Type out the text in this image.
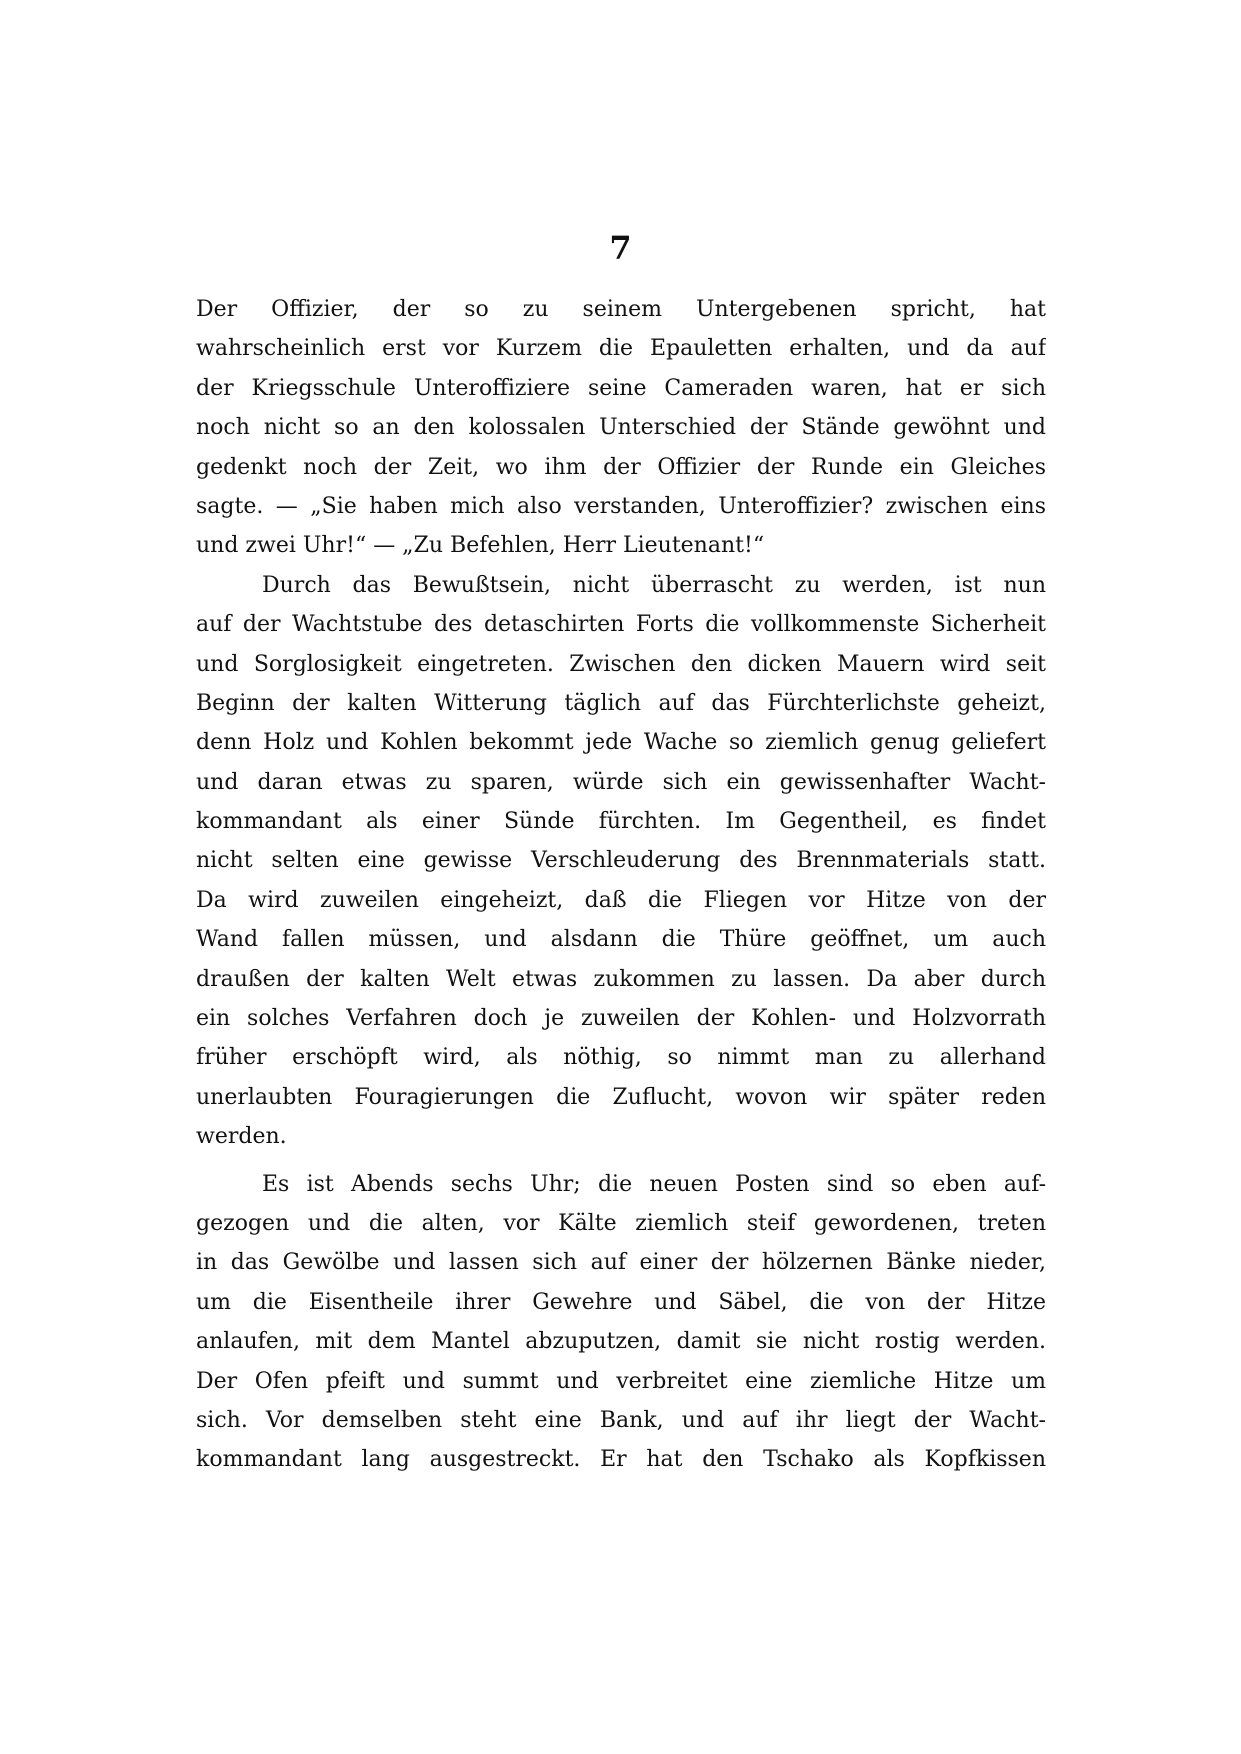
7
Der Offizier, der so zu seinem Untergebenen spricht, hat
wahrscheinlich erst vor Kurzem die Epauletten erhalten, und da auf
der Kriegsschule Unteroffiziere seine Cameraden waren, hat er sich
noch nicht so an den kolossalen Unterschied der Stände gewöhnt und
gedenkt noch der Zeit, wo ihm der Offizier der Runde ein Gleiches
sagte. — „Sie haben mich also verstanden, Unteroffizier? zwischen eins
und zwei Uhr!“ — „Zu Befehlen, Herr Lieutenant!“
Durch das Bewußtsein, nicht überrascht zu werden, ist nun
auf der Wachtstube des detaschirten Forts die vollkommenste Sicherheit
und Sorglosigkeit eingetreten. Zwischen den dicken Mauern wird seit
Beginn der kalten Witterung täglich auf das Fürchterlichste geheizt,
denn Holz und Kohlen bekommt jede Wache so ziemlich genug geliefert
und daran etwas zu sparen, würde sich ein gewissenhafter Wacht-
kommandant als einer Sünde fürchten. Im Gegentheil, es findet
nicht selten eine gewisse Verschleuderung des Brennmaterials statt.
Da wird zuweilen eingeheizt, daß die Fliegen vor Hitze von der
Wand fallen müssen, und alsdann die Thüre geöffnet, um auch
draußen der kalten Welt etwas zukommen zu lassen. Da aber durch
ein solches Verfahren doch je zuweilen der Kohlen- und Holzvorrath
früher erschöpft wird, als nöthig, so nimmt man zu allerhand
unerlaubten Fouragierungen die Zuflucht, wovon wir später reden
werden.
Es ist Abends sechs Uhr; die neuen Posten sind so eben auf-
gezogen und die alten, vor Kälte ziemlich steif gewordenen, treten
in das Gewölbe und lassen sich auf einer der hölzernen Bänke nieder,
um die Eisentheile ihrer Gewehre und Säbel, die von der Hitze
anlaufen, mit dem Mantel abzuputzen, damit sie nicht rostig werden.
Der Ofen pfeift und summt und verbreitet eine ziemliche Hitze um
sich. Vor demselben steht eine Bank, und auf ihr liegt der Wacht-
kommandant lang ausgestreckt. Er hat den Tschako als Kopfkissen
